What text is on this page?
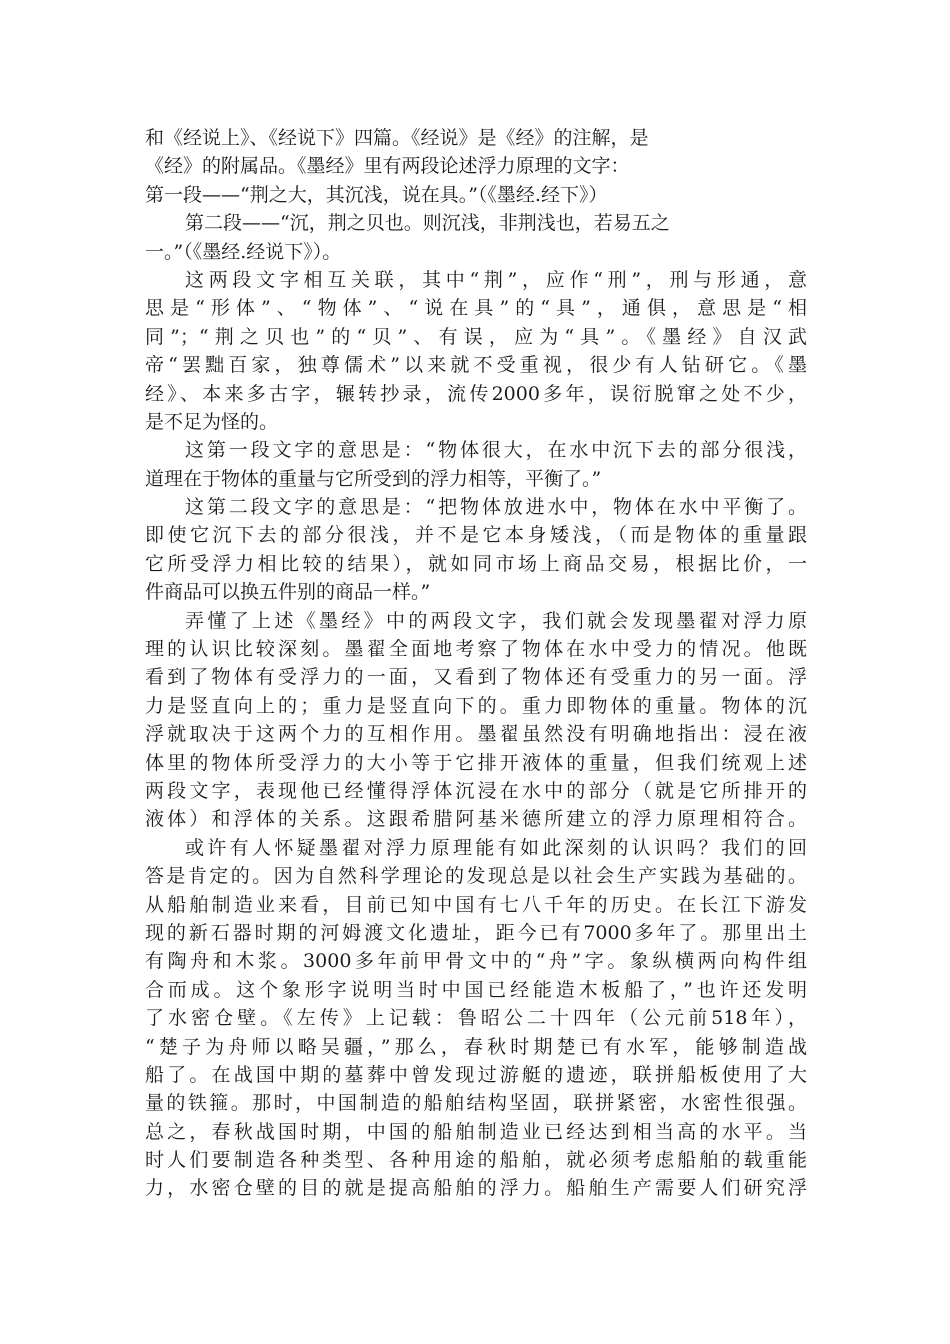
和《经说上》、《经说下》四篇。《经说》是《经》的注解，是
《经》的附属品。《墨经》里有两段论述浮力原理的文字：
第一段——“荆之大，其沉浅，说在具。”（《墨经.经下》）
第二段——“沉，荆之贝也。则沉浅，非荆浅也，若易五之
一。”（《墨经.经说下》）。
这两段文字相互关联，其中“荆”，应作“刑”，刑与形通，意
思是“形体”、“物体”、“说在具”的“具”，通俱，意思是“相
同”；“荆之贝也”的“贝”、有误，应为“具”。《墨经》自汉武
帝“罢黜百家，独尊儒术”以来就不受重视，很少有人钻研它。《墨
经》、本来多古字，辗转抄录，流传2000多年，误衍脱窜之处不少，
是不足为怪的。
这第一段文字的意思是：“物体很大，在水中沉下去的部分很浅，
道理在于物体的重量与它所受到的浮力相等，平衡了。”
这第二段文字的意思是：“把物体放进水中，物体在水中平衡了。
即使它沉下去的部分很浅，并不是它本身矮浅，（而是物体的重量跟
它所受浮力相比较的结果），就如同市场上商品交易，根据比价，一
件商品可以换五件别的商品一样。”
弄懂了上述《墨经》中的两段文字，我们就会发现墨翟对浮力原
理的认识比较深刻。墨翟全面地考察了物体在水中受力的情况。他既
看到了物体有受浮力的一面，又看到了物体还有受重力的另一面。浮
力是竖直向上的；重力是竖直向下的。重力即物体的重量。物体的沉
浮就取决于这两个力的互相作用。墨翟虽然没有明确地指出：浸在液
体里的物体所受浮力的大小等于它排开液体的重量，但我们统观上述
两段文字，表现他已经懂得浮体沉浸在水中的部分（就是它所排开的
液体）和浮体的关系。这跟希腊阿基米德所建立的浮力原理相符合。
或许有人怀疑墨翟对浮力原理能有如此深刻的认识吗？我们的回
答是肯定的。因为自然科学理论的发现总是以社会生产实践为基础的。
从船舶制造业来看，目前已知中国有七八千年的历史。在长江下游发
现的新石器时期的河姆渡文化遗址，距今已有7000多年了。那里出土
有陶舟和木浆。3000多年前甲骨文中的“舟”字。象纵横两向构件组
合而成。这个象形字说明当时中国已经能造木板船了，”也许还发明
了水密仓壁。《左传》上记载：鲁昭公二十四年（公元前518年），
“楚子为舟师以略吴疆，”那么，春秋时期楚已有水军，能够制造战
船了。在战国中期的墓葬中曾发现过游艇的遗迹，联拼船板使用了大
量的铁箍。那时，中国制造的船舶结构坚固，联拼紧密，水密性很强。
总之，春秋战国时期，中国的船舶制造业已经达到相当高的水平。当
时人们要制造各种类型、各种用途的船舶，就必须考虑船舶的载重能
力，水密仓壁的目的就是提高船舶的浮力。船舶生产需要人们研究浮
